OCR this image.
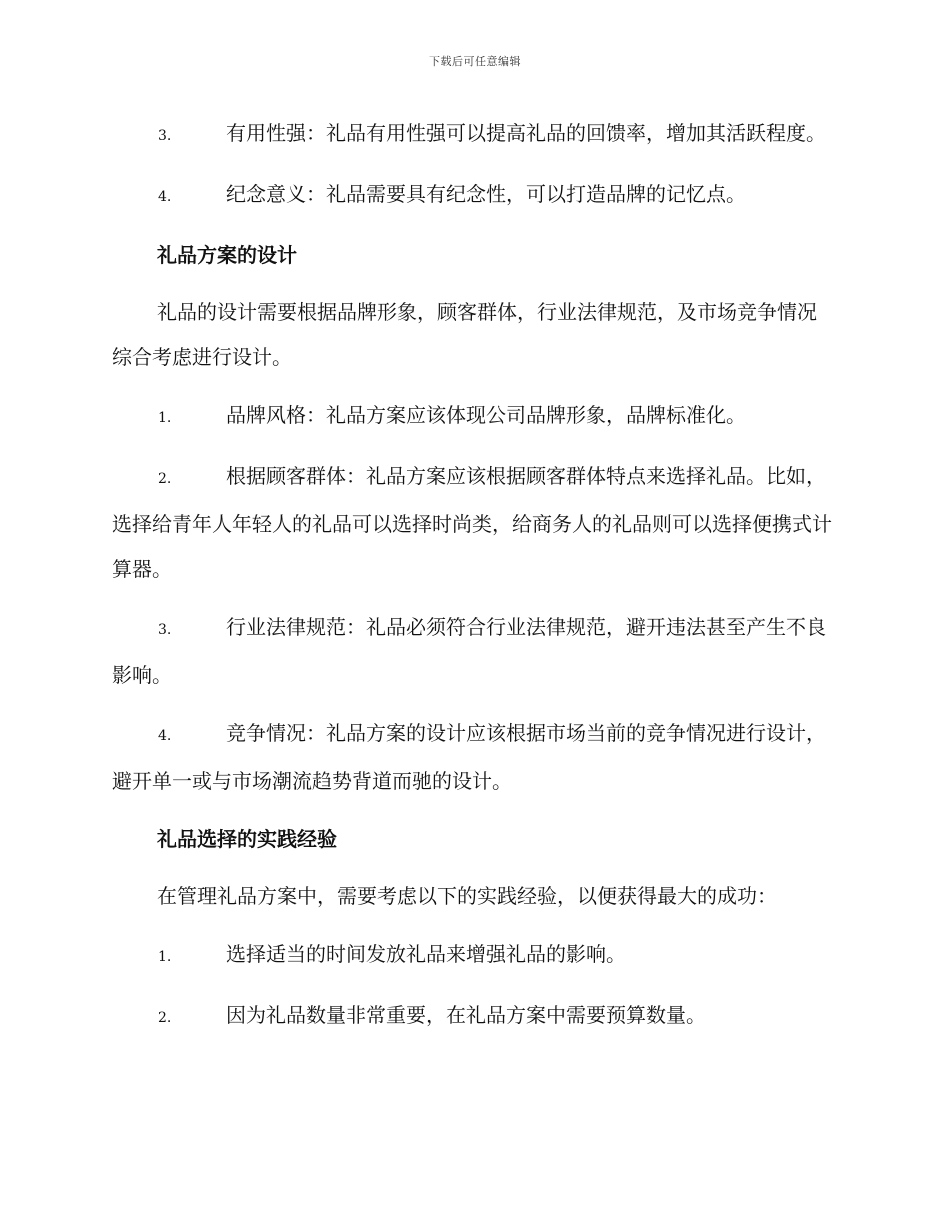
下载后可任意编辑
3.	有用性强：礼品有用性强可以提高礼品的回馈率，增加其活跃程度。
4.	纪念意义：礼品需要具有纪念性，可以打造品牌的记忆点。
礼品方案的设计
礼品的设计需要根据品牌形象，顾客群体，行业法律规范，及市场竞争情况综合考虑进行设计。
1.	品牌风格：礼品方案应该体现公司品牌形象，品牌标准化。
2.	根据顾客群体：礼品方案应该根据顾客群体特点来选择礼品。比如，选择给青年人年轻人的礼品可以选择时尚类，给商务人的礼品则可以选择便携式计算器。
3.	行业法律规范：礼品必须符合行业法律规范，避开违法甚至产生不良影响。
4.	竞争情况：礼品方案的设计应该根据市场当前的竞争情况进行设计，避开单一或与市场潮流趋势背道而驰的设计。
礼品选择的实践经验
在管理礼品方案中，需要考虑以下的实践经验，以便获得最大的成功：
1.	选择适当的时间发放礼品来增强礼品的影响。
2.	因为礼品数量非常重要，在礼品方案中需要预算数量。
